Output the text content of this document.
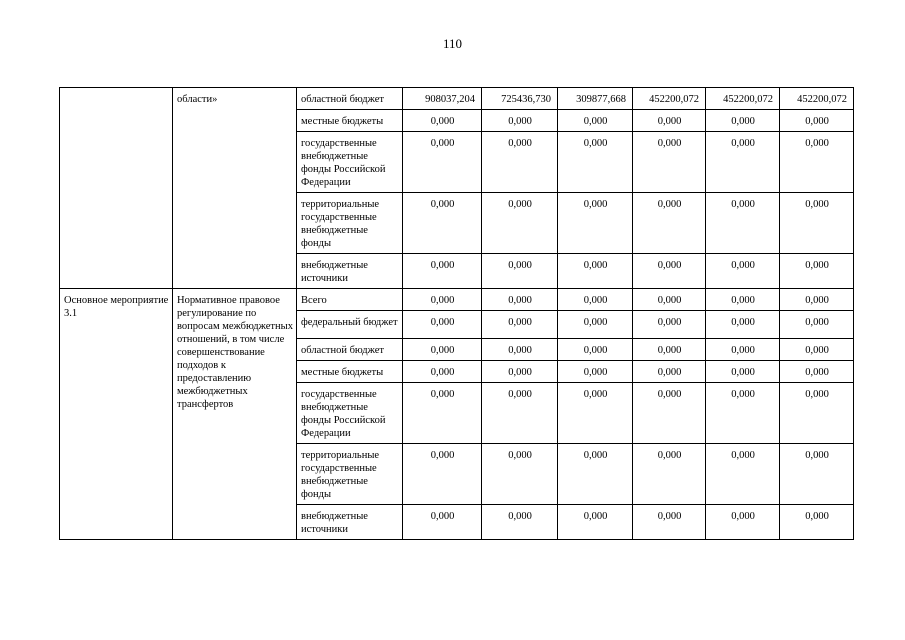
110
	области»	областной бюджет	908037,204	725436,730	309877,668	452200,072	452200,072	452200,072
		местные бюджеты	0,000	0,000	0,000	0,000	0,000	0,000
		государственные внебюджетные фонды Российской Федерации	0,000	0,000	0,000	0,000	0,000	0,000
		территориальные государственные внебюджетные фонды	0,000	0,000	0,000	0,000	0,000	0,000
		внебюджетные источники	0,000	0,000	0,000	0,000	0,000	0,000
Основное мероприятие 3.1	Нормативное правовое регулирование по вопросам межбюджетных отношений, в том числе совершенствование подходов к предоставлению межбюджетных трансфертов	Всего	0,000	0,000	0,000	0,000	0,000	0,000
		федеральный бюджет	0,000	0,000	0,000	0,000	0,000	0,000
		областной бюджет	0,000	0,000	0,000	0,000	0,000	0,000
		местные бюджеты	0,000	0,000	0,000	0,000	0,000	0,000
		государственные внебюджетные фонды Российской Федерации	0,000	0,000	0,000	0,000	0,000	0,000
		территориальные государственные внебюджетные фонды	0,000	0,000	0,000	0,000	0,000	0,000
		внебюджетные источники	0,000	0,000	0,000	0,000	0,000	0,000
